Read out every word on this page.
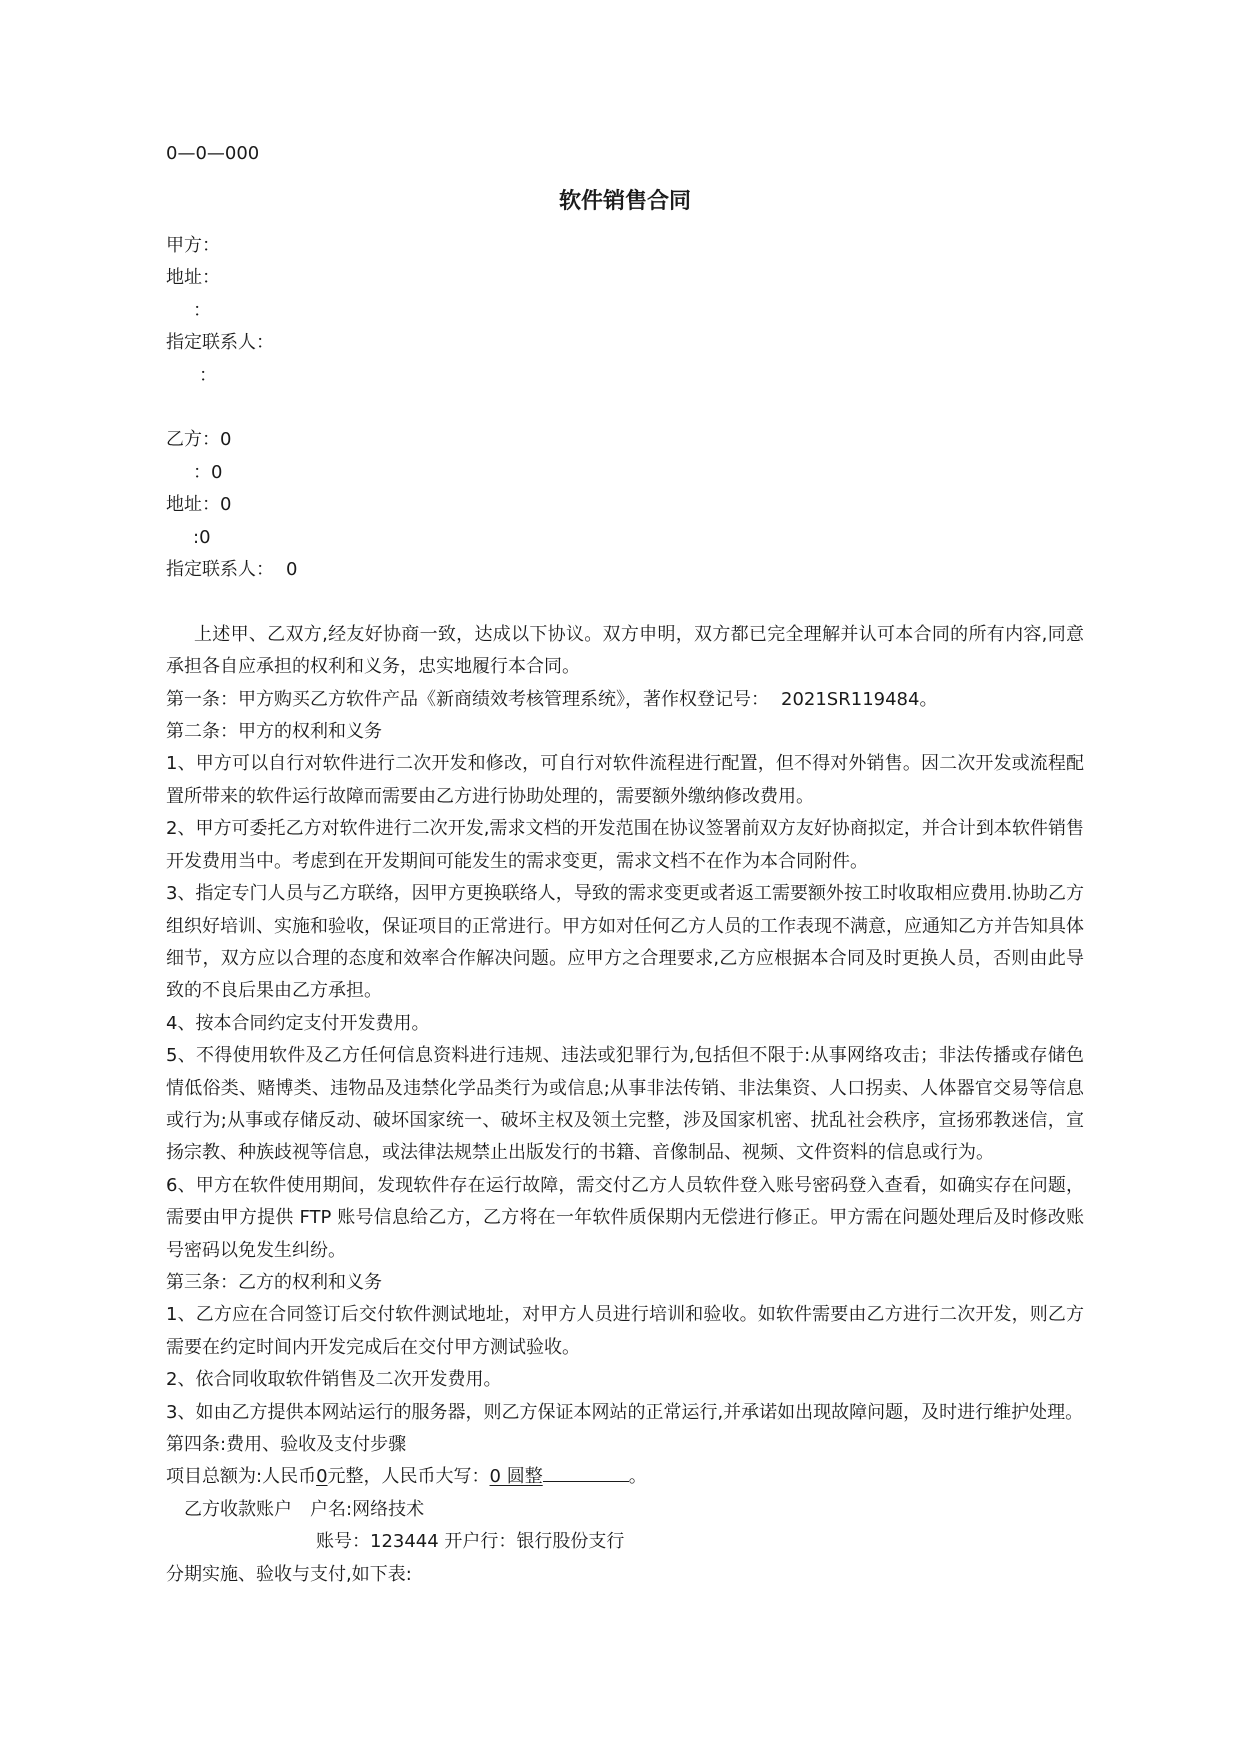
0—0—000
软件销售合同

甲方：

地址：

：

指定联系人：

：

乙方：0

：0

地址：0

:0

指定联系人： 0

上述甲、乙双方,经友好协商一致，达成以下协议。双方申明，双方都已完全理解并认可本合同的所有内容,同意承担各自应承担的权利和义务，忠实地履行本合同。

第一条：甲方购买乙方软件产品《新商绩效考核管理系统》，著作权登记号： 2021SR119484。

第二条：甲方的权利和义务

1、甲方可以自行对软件进行二次开发和修改，可自行对软件流程进行配置，但不得对外销售。因二次开发或流程配置所带来的软件运行故障而需要由乙方进行协助处理的，需要额外缴纳修改费用。

2、甲方可委托乙方对软件进行二次开发,需求文档的开发范围在协议签署前双方友好协商拟定，并合计到本软件销售开发费用当中。考虑到在开发期间可能发生的需求变更，需求文档不在作为本合同附件。

3、指定专门人员与乙方联络，因甲方更换联络人，导致的需求变更或者返工需要额外按工时收取相应费用.协助乙方组织好培训、实施和验收，保证项目的正常进行。甲方如对任何乙方人员的工作表现不满意，应通知乙方并告知具体细节，双方应以合理的态度和效率合作解决问题。应甲方之合理要求,乙方应根据本合同及时更换人员，否则由此导致的不良后果由乙方承担。

4、按本合同约定支付开发费用。

5、不得使用软件及乙方任何信息资料进行违规、违法或犯罪行为,包括但不限于:从事网络攻击；非法传播或存储色情低俗类、赌博类、违物品及违禁化学品类行为或信息;从事非法传销、非法集资、人口拐卖、人体器官交易等信息或行为;从事或存储反动、破坏国家统一、破坏主权及领土完整，涉及国家机密、扰乱社会秩序，宣扬邪教迷信，宣扬宗教、种族歧视等信息，或法律法规禁止出版发行的书籍、音像制品、视频、文件资料的信息或行为。

6、甲方在软件使用期间，发现软件存在运行故障，需交付乙方人员软件登入账号密码登入查看，如确实存在问题，需要由甲方提供 FTP 账号信息给乙方，乙方将在一年软件质保期内无偿进行修正。甲方需在问题处理后及时修改账号密码以免发生纠纷。

第三条：乙方的权利和义务

1、乙方应在合同签订后交付软件测试地址，对甲方人员进行培训和验收。如软件需要由乙方进行二次开发，则乙方需要在约定时间内开发完成后在交付甲方测试验收。

2、依合同收取软件销售及二次开发费用。

3、如由乙方提供本网站运行的服务器，则乙方保证本网站的正常运行,并承诺如出现故障问题，及时进行维护处理。

第四条:费用、验收及支付步骤

项目总额为:人民币0元整，人民币大写：0 圆整	。

乙方收款账户 户名:网络技术

账号：123444 开户行：银行股份支行

分期实施、验收与支付,如下表:
